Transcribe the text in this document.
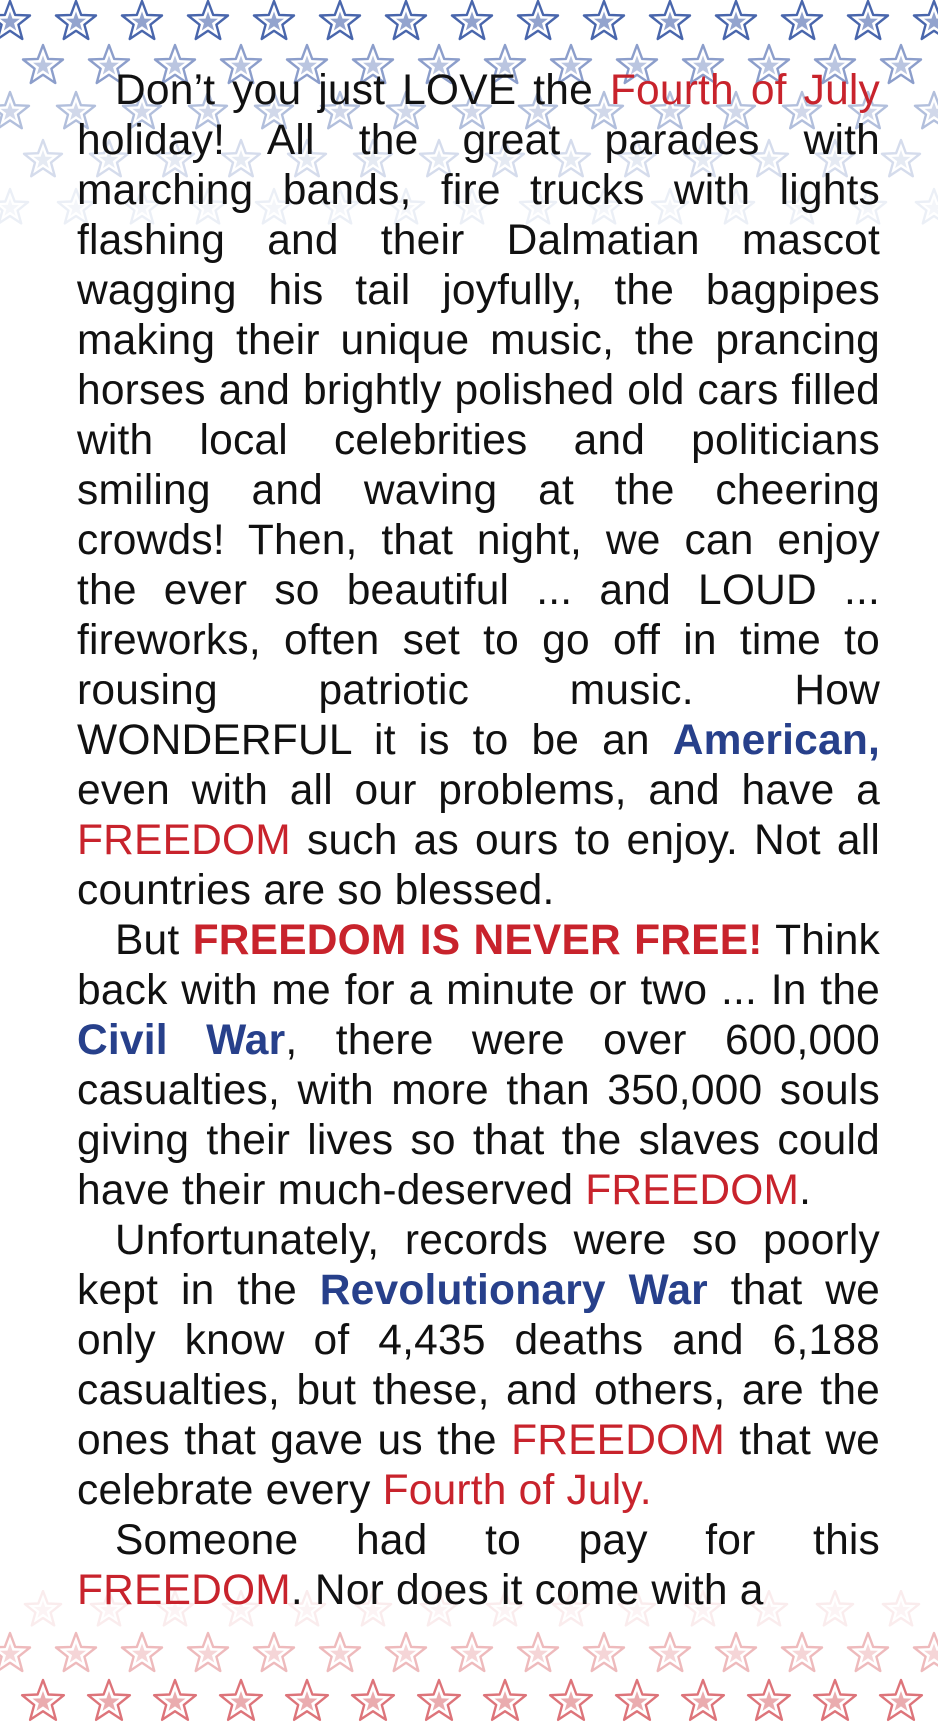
Don’t you just LOVE the Fourth of July holiday! All the great parades with marching bands, fire trucks with lights flashing and their Dalmatian mascot wagging his tail joyfully, the bagpipes making their unique music, the prancing horses and brightly polished old cars filled with local celebrities and politicians smiling and waving at the cheering crowds! Then, that night, we can enjoy the ever so beautiful ... and LOUD ... fireworks, often set to go off in time to rousing patriotic music. How WONDERFUL it is to be an American, even with all our problems, and have a FREEDOM such as ours to enjoy. Not all countries are so blessed.

But FREEDOM IS NEVER FREE! Think back with me for a minute or two ... In the Civil War, there were over 600,000 casualties, with more than 350,000 souls giving their lives so that the slaves could have their much-deserved FREEDOM.

Unfortunately, records were so poorly kept in the Revolutionary War that we only know of 4,435 deaths and 6,188 casualties, but these, and others, are the ones that gave us the FREEDOM that we celebrate every Fourth of July.

Someone had to pay for this FREEDOM. Nor does it come with a
